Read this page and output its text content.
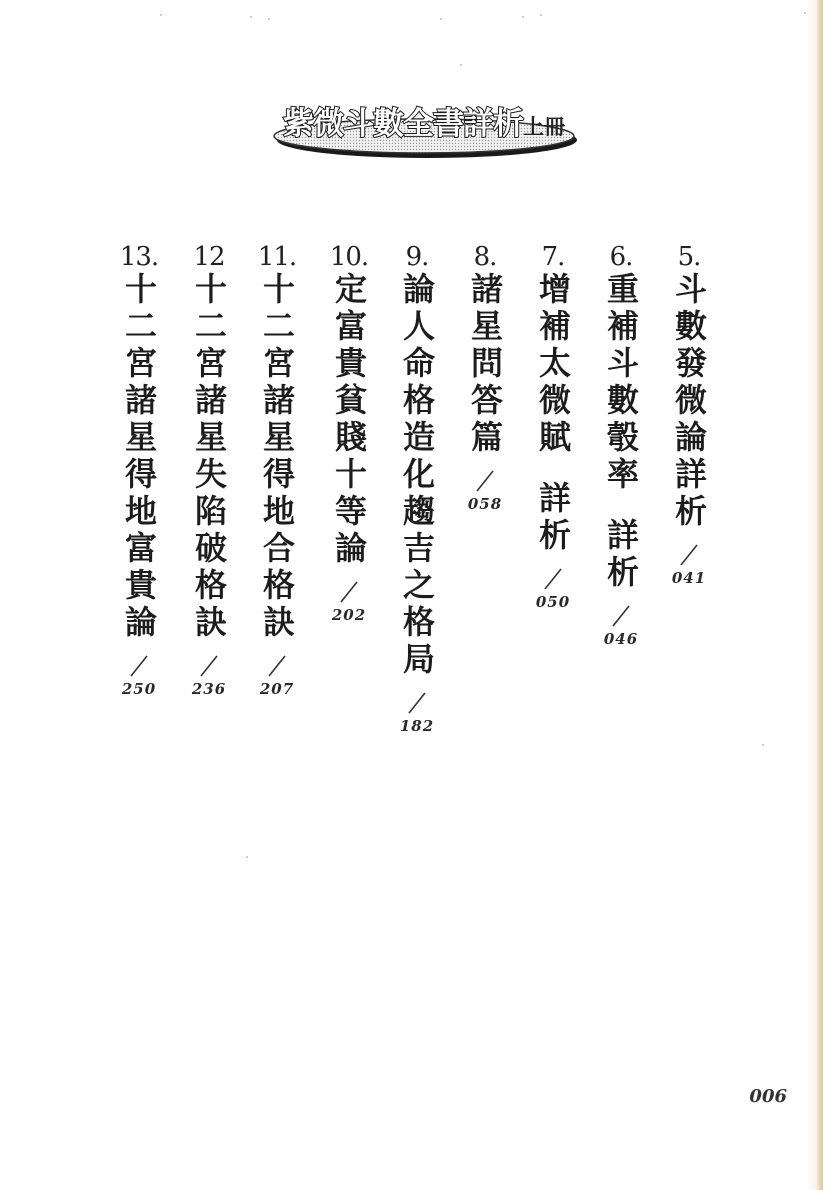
紫微斗數全書詳析上冊
5.
斗數發微論詳析
041
6.
重補斗數彀率
詳析
046
7.
增補太微賦
詳析
050
8.
諸星問答篇
058
9.
論人命格造化趨吉之格局
182
10.
定富貴貧賤十等論
202
11.
十二宮諸星得地合格訣
207
12
十二宮諸星失陷破格訣
236
13.
十二宮諸星得地富貴論
250
006
